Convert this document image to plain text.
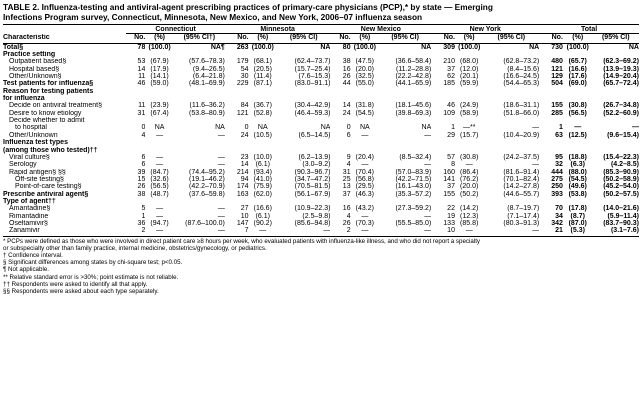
TABLE 2. Influenza-testing and antiviral-agent prescribing practices of primary-care physicians (PCP),* by state — Emerging
Infections Program survey, Connecticut, Minnesota, New Mexico, and New York, 2006–07 influenza season
	Connecticut			Minnesota			New Mexico			New York			Total		
Characteristic	No.	(%)	(95% CI†)	No.	(%)	(95% CI)	No.	(%)	(95% CI)	No.	(%)	(95% CI)	No.	(%)	(95% CI)
Total§	78	(100.0)	NA¶	263	(100.0)	NA	80	(100.0)	NA	309	(100.0)	NA	730	(100.0)	NA
Practice setting															
Outpatient based§	53	(67.9)	(57.6–78.3)	179	(68.1)	(62.4–73.7)	38	(47.5)	(36.6–58.4)	210	(68.0)	(62.8–73.2)	480	(65.7)	(62.3–69.2)
Hospital based§	14	(17.9)	(9.4–26.5)	54	(20.5)	(15.7–25.4)	16	(20.0)	(11.2–28.8)	37	(12.0)	(8.4–15.6)	121	(16.6)	(13.9–19.3)
Other/Unknown§	11	(14.1)	(6.4–21.8)	30	(11.4)	(7.6–15.3)	26	(32.5)	(22.2–42.8)	62	(20.1)	(16.6–24.5)	129	(17.6)	(14.9–20.4)
Test patients for influenza§	46	(59.0)	(48.1–69.9)	229	(87.1)	(83.0–91.1)	44	(55.0)	(44.1–65.9)	185	(59.9)	(54.4–65.3)	504	(69.0)	(65.7–72.4)
Reason for testing patients															
for influenza															
Decide on antiviral treatment§	11	(23.9)	(11.6–36.2)	84	(36.7)	(30.4–42.9)	14	(31.8)	(18.1–45.6)	46	(24.9)	(18.6–31.1)	155	(30.8)	(26.7–34.8)
Desire to know etiology	31	(67.4)	(53.8–80.9)	121	(52.8)	(46.4–59.3)	24	(54.5)	(39.8–69.3)	109	(58.9)	(51.8–66.0)	285	(56.5)	(52.2–60.9)
Decide whether to admit															
to hospital	0	NA	NA	0	NA	NA	0	NA	NA	1	—**	—	1	—	—
Other/Unknown	4	—	—	24	(10.5)	(6.5–14.5)	6	—	—	29	(15.7)	(10.4–20.9)	63	(12.5)	(9.6–15.4)
Influenza test types															
(among those who tested)††															
Viral culture§	6	—	—	23	(10.0)	(6.2–13.9)	9	(20.4)	(8.5–32.4)	57	(30.8)	(24.2–37.5)	95	(18.8)	(15.4–22.3)
Serology	6	—	—	14	(6.1)	(3.0–9.2)	4	—	—	8	—	—	32	(6.3)	(4.2–8.5)
Rapid antigen§ §§	39	(84.7)	(74.4–95.2)	214	(93.4)	(90.3–96.7)	31	(70.4)	(57.0–83.9)	160	(86.4)	(81.6–91.4)	444	(88.0)	(85.3–90.9)
Off-site testing§	15	(32.6)	(19.1–46.2)	94	(41.0)	(34.7–47.2)	25	(56.8)	(42.2–71.5)	141	(76.2)	(70.1–82.4)	275	(54.5)	(50.2–58.9)
Point-of-care testing§	26	(56.5)	(42.2–70.9)	174	(75.9)	(70.5–81.5)	13	(29.5)	(16.1–43.0)	37	(20.0)	(14.2–27.8)	250	(49.6)	(45.2–54.0)
Prescribe antiviral agent§	38	(48.7)	(37.6–59.8)	163	(62.0)	(56.1–67.9)	37	(46.3)	(35.3–57.2)	155	(50.2)	(44.6–55.7)	393	(53.8)	(50.2–57.5)
Type of agent††															
Amantadine§	5	—	—	27	(16.6)	(10.9–22.3)	16	(43.2)	(27.3–59.2)	22	(14.2)	(8.7–19.7)	70	(17.8)	(14.0–21.6)
Rimantadine	1	—	—	10	(6.1)	(2.5–9.8)	4	—	—	19	(12.3)	(7.1–17.4)	34	(8.7)	(5.9–11.4)
Oseltamivir§	36	(94.7)	(87.6–100.0)	147	(90.2)	(85.6–94.8)	26	(70.3)	(55.5–85.0)	133	(85.8)	(80.3–91.3)	342	(87.0)	(83.7–90.3)
Zanamivir	2	—	—	7	—	—	2	—	—	10	—	—	21	(5.3)	(3.1–7.6)
* PCPs were defined as those who were involved in direct patient care ≥8 hours per week, who evaluated patients with influenza-like illness, and who did not report a specialty
or subspecialty other than family practice, internal medicine, obstetrics/gynecology, or pediatrics.
† Confidence interval.
§ Significant differences among states by chi-square test; p<0.05.
¶ Not applicable.
** Relative standard error is >30%; point estimate is not reliable.
†† Respondents were asked to identify all that apply.
§§ Respondents were asked about each type separately.
